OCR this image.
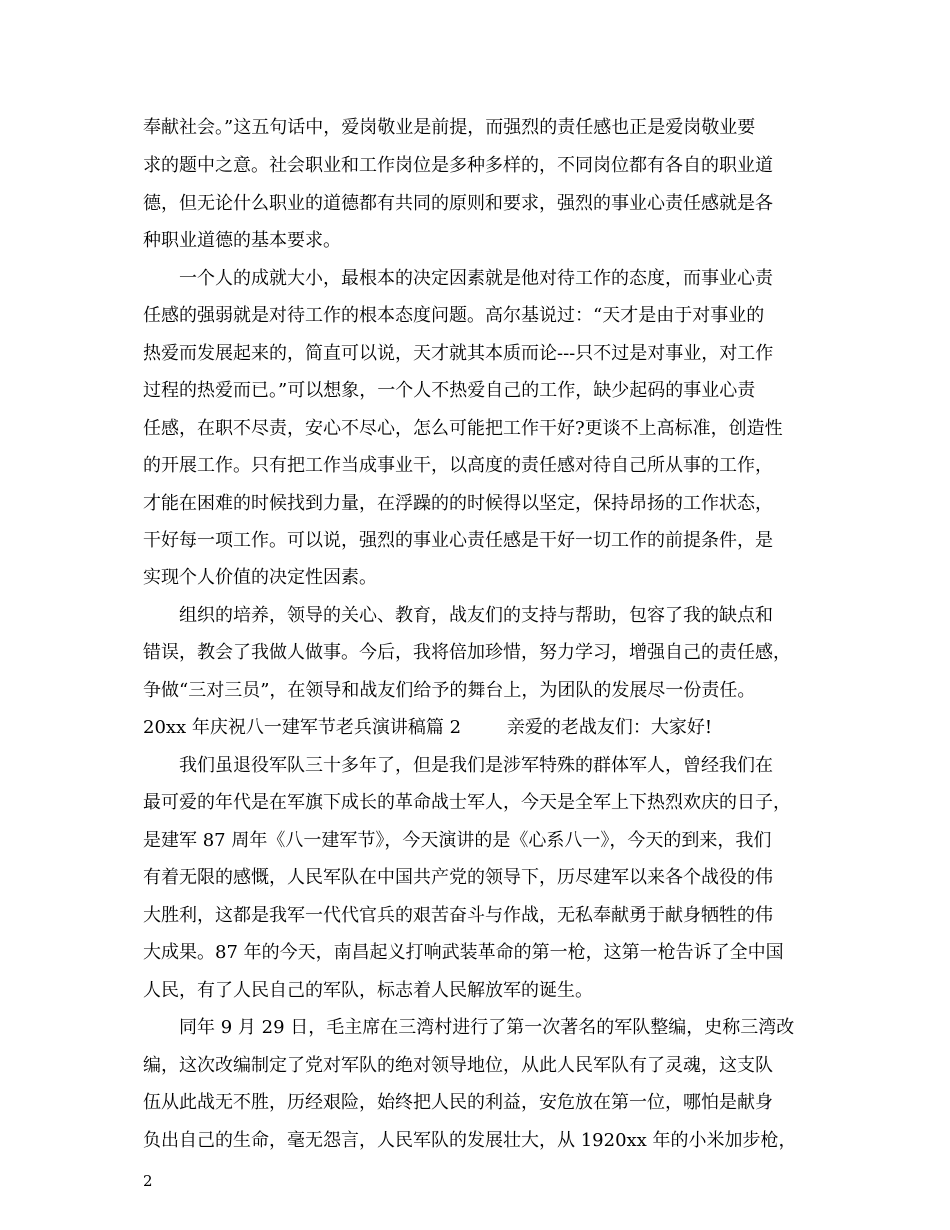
奉献社会。”这五句话中，爱岗敬业是前提，而强烈的责任感也正是爱岗敬业要
求的题中之意。社会职业和工作岗位是多种多样的，不同岗位都有各自的职业道
德，但无论什么职业的道德都有共同的原则和要求，强烈的事业心责任感就是各
种职业道德的基本要求。
一个人的成就大小，最根本的决定因素就是他对待工作的态度，而事业心责
任感的强弱就是对待工作的根本态度问题。高尔基说过：“天才是由于对事业的
热爱而发展起来的，简直可以说，天才就其本质而论---只不过是对事业，对工作
过程的热爱而已。”可以想象，一个人不热爱自己的工作，缺少起码的事业心责
任感，在职不尽责，安心不尽心，怎么可能把工作干好?更谈不上高标准，创造性
的开展工作。只有把工作当成事业干，以高度的责任感对待自己所从事的工作，
才能在困难的时候找到力量，在浮躁的的时候得以坚定，保持昂扬的工作状态，
干好每一项工作。可以说，强烈的事业心责任感是干好一切工作的前提条件，是
实现个人价值的决定性因素。
组织的培养，领导的关心、教育，战友们的支持与帮助，包容了我的缺点和
错误，教会了我做人做事。今后，我将倍加珍惜，努力学习，增强自己的责任感，
争做“三对三员”，在领导和战友们给予的舞台上，为团队的发展尽一份责任。
20xx 年庆祝八一建军节老兵演讲稿篇 2        亲爱的老战友们：大家好!
我们虽退役军队三十多年了，但是我们是涉军特殊的群体军人，曾经我们在
最可爱的年代是在军旗下成长的革命战士军人，今天是全军上下热烈欢庆的日子，
是建军 87 周年《八一建军节》，今天演讲的是《心系八一》，今天的到来，我们
有着无限的感慨，人民军队在中国共产党的领导下，历尽建军以来各个战役的伟
大胜利，这都是我军一代代官兵的艰苦奋斗与作战，无私奉献勇于献身牺牲的伟
大成果。87 年的今天，南昌起义打响武装革命的第一枪，这第一枪告诉了全中国
人民，有了人民自己的军队，标志着人民解放军的诞生。
同年 9 月 29 日，毛主席在三湾村进行了第一次著名的军队整编，史称三湾改
编，这次改编制定了党对军队的绝对领导地位，从此人民军队有了灵魂，这支队
伍从此战无不胜，历经艰险，始终把人民的利益，安危放在第一位，哪怕是献身
负出自己的生命，毫无怨言，人民军队的发展壮大，从 1920xx 年的小米加步枪，
2
